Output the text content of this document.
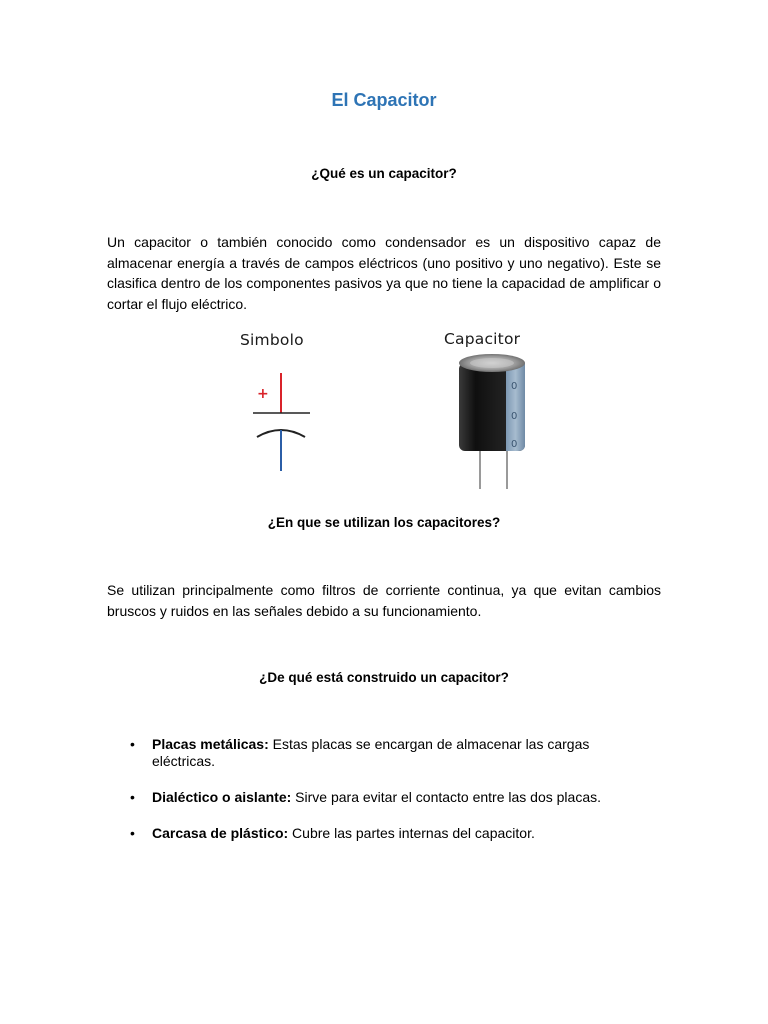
El Capacitor
¿Qué es un capacitor?

Un capacitor o también conocido como condensador es un dispositivo capaz de almacenar energía a través de campos eléctricos (uno positivo y uno negativo). Este se clasifica dentro de los componentes pasivos ya que no tiene la capacidad de amplificar o cortar el flujo eléctrico.

0
0
0
Simbolo	Capacitor
+
¿En que se utilizan los capacitores?

Se utilizan principalmente como filtros de corriente continua, ya que evitan cambios bruscos y ruidos en las señales debido a su funcionamiento.

¿De qué está construido un capacitor?
• Placas metálicas: Estas placas se encargan de almacenar las cargas eléctricas.
• Dialéctico o aislante: Sirve para evitar el contacto entre las dos placas.
• Carcasa de plástico: Cubre las partes internas del capacitor.
